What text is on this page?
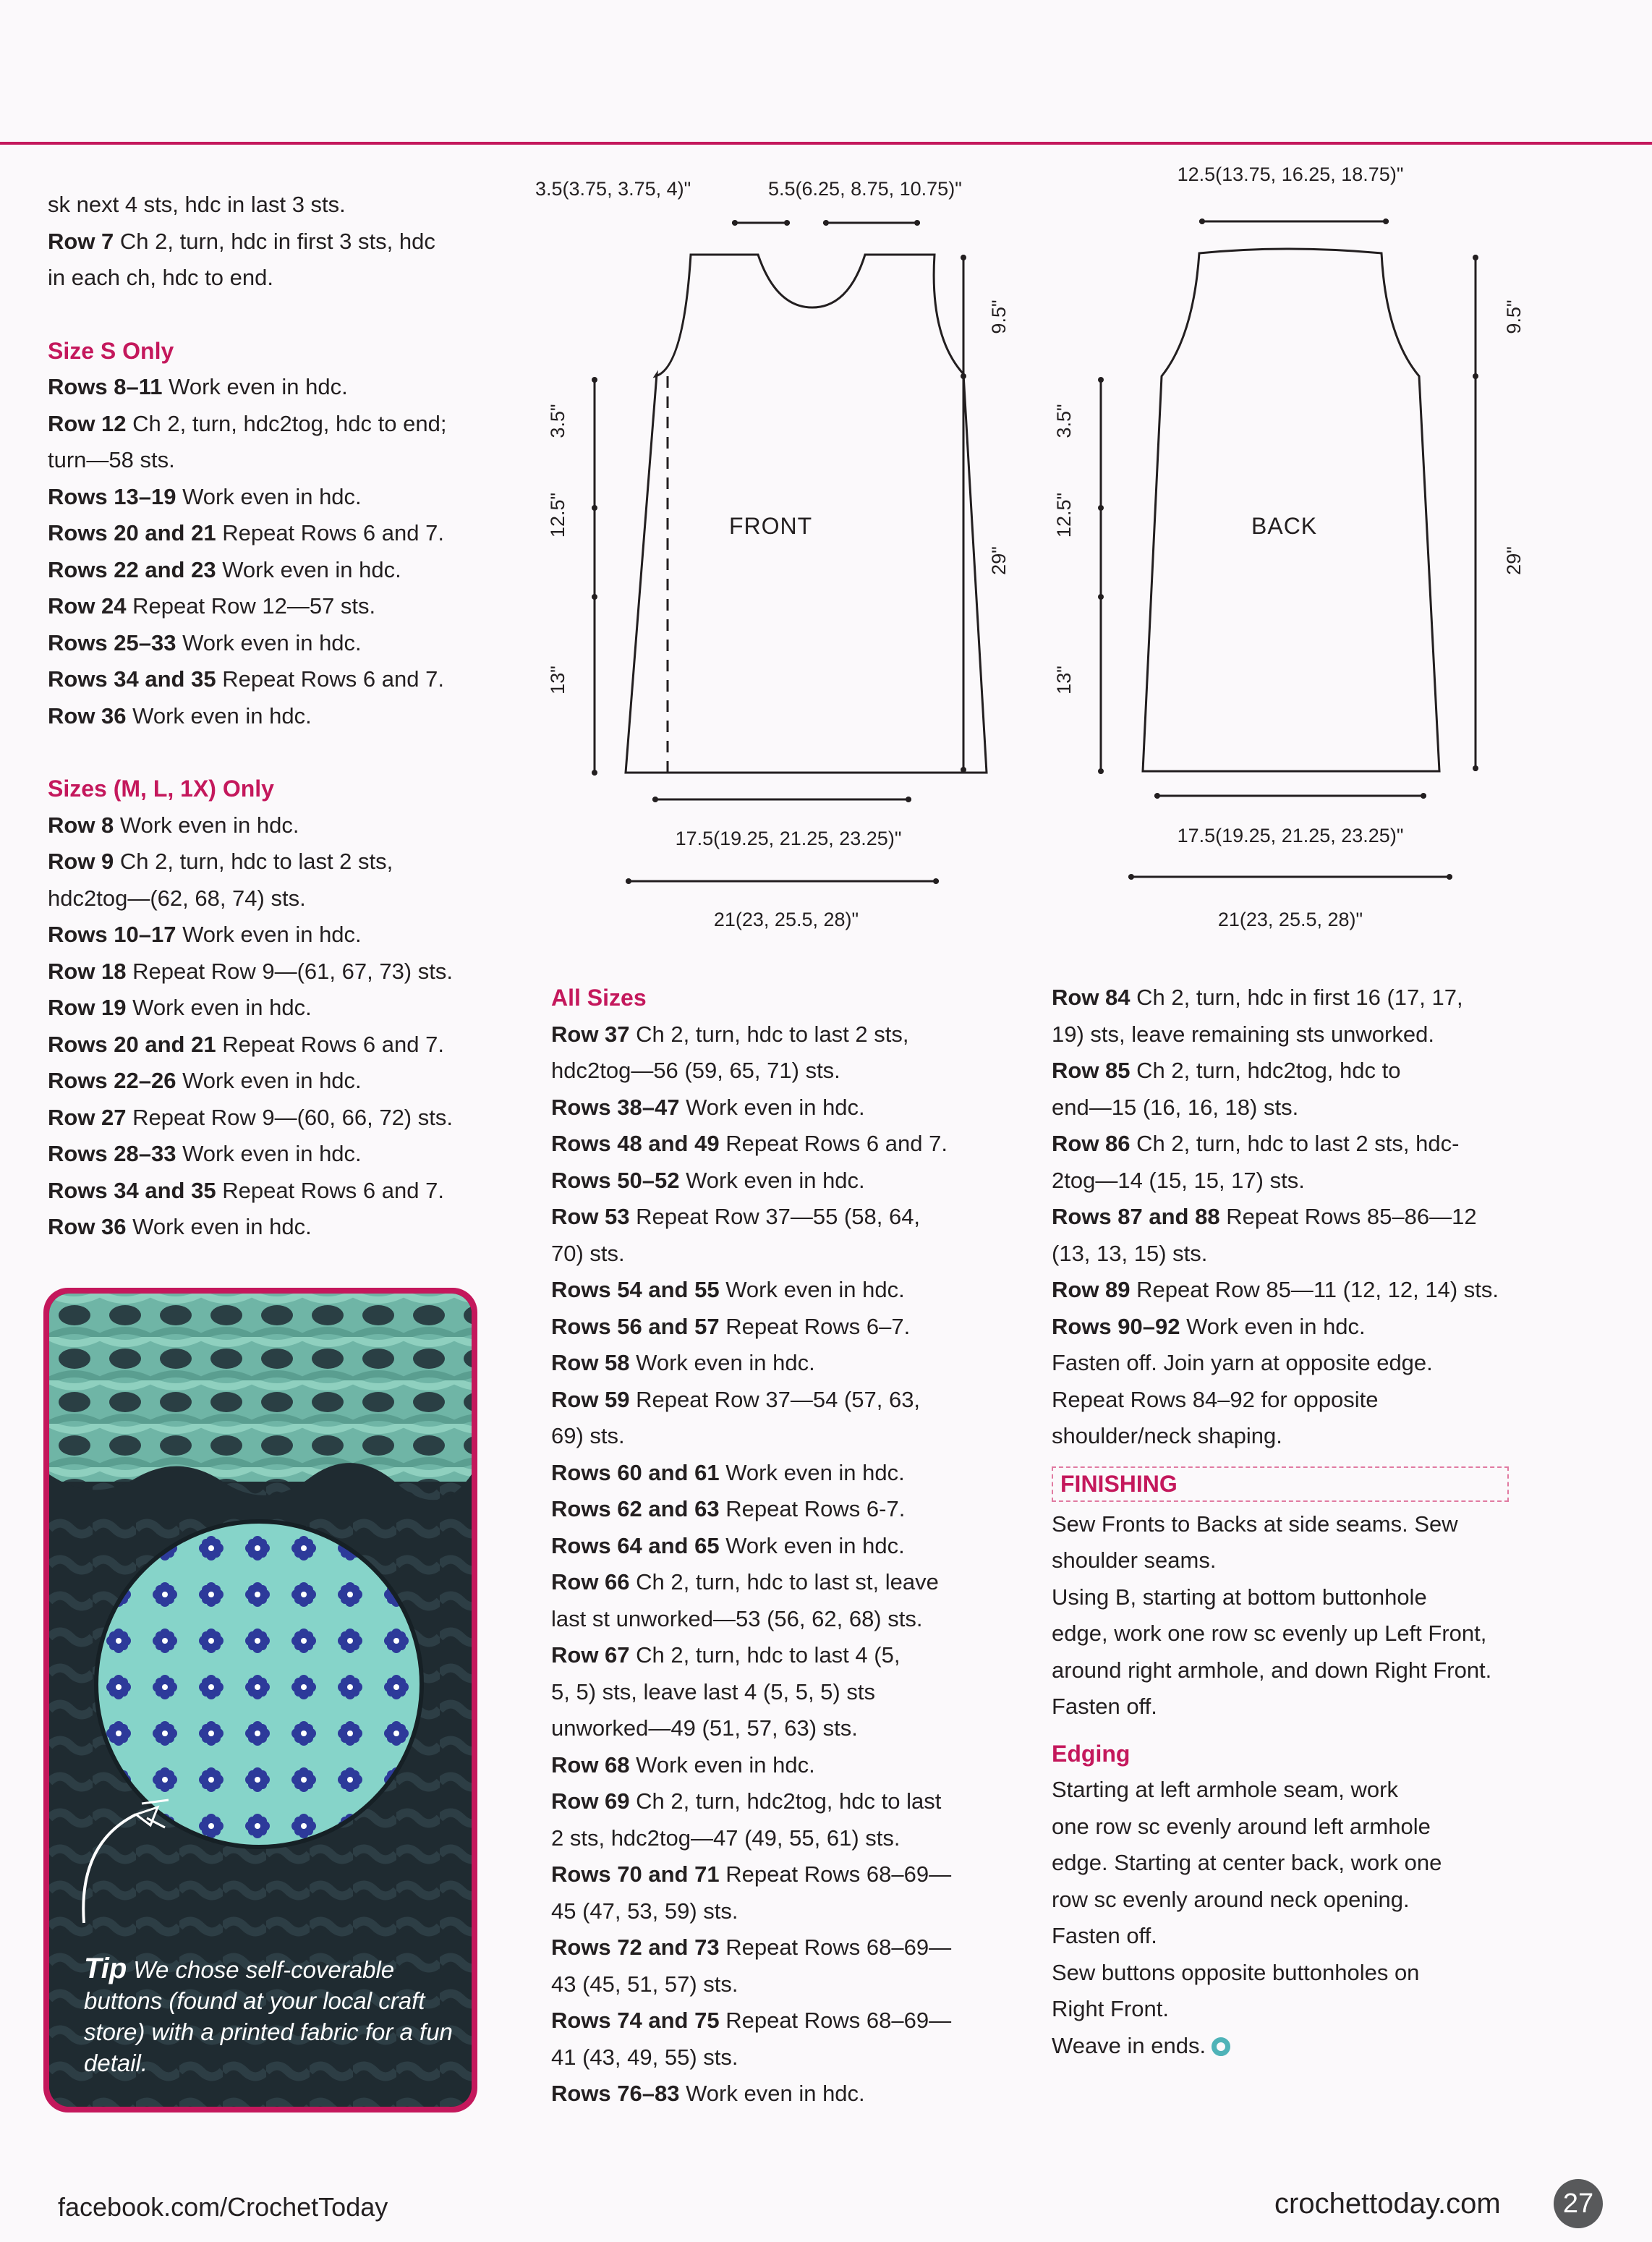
sk next 4 sts, hdc in last 3 sts.

Row 7 Ch 2, turn, hdc in first 3 sts, hdc

in each ch, hdc to end.

Size S Only

Rows 8–11 Work even in hdc.

Row 12 Ch 2, turn, hdc2tog, hdc to end;

turn—58 sts.

Rows 13–19 Work even in hdc.

Rows 20 and 21 Repeat Rows 6 and 7.

Rows 22 and 23 Work even in hdc.

Row 24 Repeat Row 12—57 sts.

Rows 25–33 Work even in hdc.

Rows 34 and 35 Repeat Rows 6 and 7.

Row 36 Work even in hdc.

Sizes (M, L, 1X) Only

Row 8 Work even in hdc.

Row 9 Ch 2, turn, hdc to last 2 sts,

hdc2tog—(62, 68, 74) sts.

Rows 10–17 Work even in hdc.

Row 18 Repeat Row 9—(61, 67, 73) sts.

Row 19 Work even in hdc.

Rows 20 and 21 Repeat Rows 6 and 7.

Rows 22–26 Work even in hdc.

Row 27 Repeat Row 9—(60, 66, 72) sts.

Rows 28–33 Work even in hdc.

Rows 34 and 35 Repeat Rows 6 and 7.

Row 36 Work even in hdc.

Tip We chose self-coverable buttons (found at your local craft store) with a printed fabric for a fun detail.
3.5(3.75, 3.75, 4)"	5.5(6.25, 8.75, 10.75)"
FRONT
3.5"
12.5"
13"
9.5"
29"
17.5(19.25, 21.25, 23.25)"
21(23, 25.5, 28)"
12.5(13.75, 16.25, 18.75)"
BACK
3.5"
12.5"
13"
9.5"
29"
17.5(19.25, 21.25, 23.25)"
21(23, 25.5, 28)"

All Sizes

Row 37 Ch 2, turn, hdc to last 2 sts,

hdc2tog—56 (59, 65, 71) sts.

Rows 38–47 Work even in hdc.

Rows 48 and 49 Repeat Rows 6 and 7.

Rows 50–52 Work even in hdc.

Row 53 Repeat Row 37—55 (58, 64,

70) sts.

Rows 54 and 55 Work even in hdc.

Rows 56 and 57 Repeat Rows 6–7.

Row 58 Work even in hdc.

Row 59 Repeat Row 37—54 (57, 63,

69) sts.

Rows 60 and 61 Work even in hdc.

Rows 62 and 63 Repeat Rows 6-7.

Rows 64 and 65 Work even in hdc.

Row 66 Ch 2, turn, hdc to last st, leave

last st unworked—53 (56, 62, 68) sts.

Row 67 Ch 2, turn, hdc to last 4 (5,

5, 5) sts, leave last 4 (5, 5, 5) sts

unworked—49 (51, 57, 63) sts.

Row 68 Work even in hdc.

Row 69 Ch 2, turn, hdc2tog, hdc to last

2 sts, hdc2tog—47 (49, 55, 61) sts.

Rows 70 and 71 Repeat Rows 68–69—

45 (47, 53, 59) sts.

Rows 72 and 73 Repeat Rows 68–69—

43 (45, 51, 57) sts.

Rows 74 and 75 Repeat Rows 68–69—

41 (43, 49, 55) sts.

Rows 76–83 Work even in hdc.

Row 84 Ch 2, turn, hdc in first 16 (17, 17,

19) sts, leave remaining sts unworked.

Row 85 Ch 2, turn, hdc2tog, hdc to

end—15 (16, 16, 18) sts.

Row 86 Ch 2, turn, hdc to last 2 sts, hdc-

2tog—14 (15, 15, 17) sts.

Rows 87 and 88 Repeat Rows 85–86—12

(13, 13, 15) sts.

Row 89 Repeat Row 85—11 (12, 12, 14) sts.

Rows 90–92 Work even in hdc.

Fasten off. Join yarn at opposite edge.

Repeat Rows 84–92 for opposite

shoulder/neck shaping.

FINISHING

Sew Fronts to Backs at side seams. Sew

shoulder seams.

Using B, starting at bottom buttonhole

edge, work one row sc evenly up Left Front,

around right armhole, and down Right Front.

Fasten off.

Edging

Starting at left armhole seam, work

one row sc evenly around left armhole

edge. Starting at center back, work one

row sc evenly around neck opening.

Fasten off.

Sew buttons opposite buttonholes on

Right Front.

Weave in ends.

facebook.com/CrochetToday	crochettoday.com	27
